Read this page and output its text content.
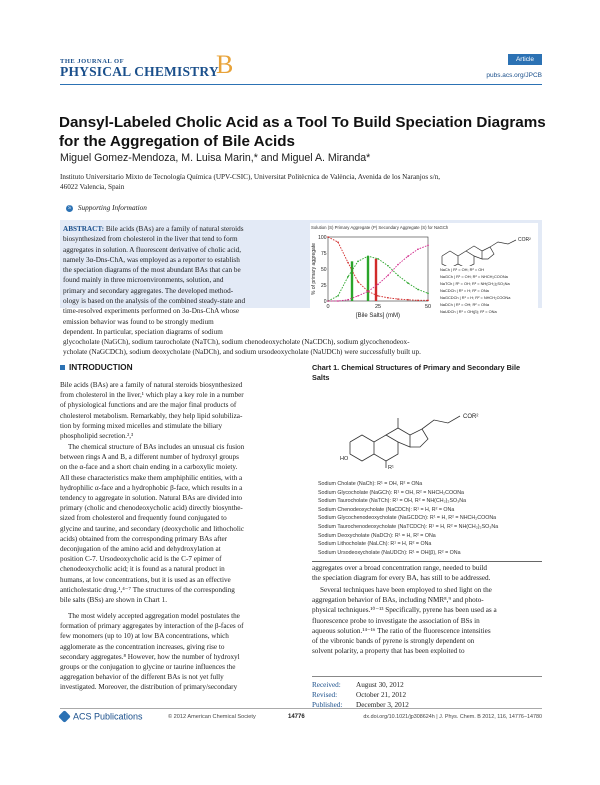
THE JOURNAL OF
PHYSICAL CHEMISTRY
B	Article
pubs.acs.org/JPCB
Dansyl-Labeled Cholic Acid as a Tool To Build Speciation Diagrams
for the Aggregation of Bile Acids
Miguel Gomez-Mendoza, M. Luisa Marin,* and Miguel A. Miranda*
Instituto Universitario Mixto de Tecnología Química (UPV-CSIC), Universitat Politècnica de València, Avenida de los Naranjos s/n,
46022 Valencia, Spain
S Supporting Information
ABSTRACT: Bile acids (BAs) are a family of natural steroids
biosynthesized from cholesterol in the liver that tend to form
aggregates in solution. A fluorescent derivative of cholic acid,
namely 3α-Dns-ChA, was employed as a reporter to establish
the speciation diagrams of the most abundant BAs that can be
found mainly in three microenvironments, solution, and
primary and secondary aggregates. The developed method-
ology is based on the analysis of the combined steady-state and
time-resolved experiments performed on 3α-Dns-ChA whose
emission behavior was found to be strongly medium
dependent. In particular, speciation diagrams of sodium
glycocholate (NaGCh), sodium taurocholate (NaTCh), sodium chenodeoxycholate (NaCDCh), sodium glycochenodeox-
ycholate (NaGCDCh), sodium deoxycholate (NaDCh), and sodium ursodeoxycholate (NaUDCh) were successfully built up.
Solution (S) Primary Aggregate (P) Secondary Aggregate (S) for NaGCh
0
25
50
75
100
0	25	50
[Bile Salts] (mM)
% of primary aggregate
COR²
NaCh | R¹ = OH; R² = OH
NaGCh | R¹ = OH; R² = NHCH₂COONa
NaTCh | R¹ = OH; R² = NH(CH₂)₂SO₃Na
NaCDCh | R¹ = H; R² = ONa
NaGCDCh | R¹ = H; R² = NHCH₂COONa
NaDCh | R¹ = OH; R² = ONa
NaUDCh | R¹ = OH(β); R² = ONa
INTRODUCTION
Bile acids (BAs) are a family of natural steroids biosynthesized
from cholesterol in the liver,¹ which play a key role in a number
of physiological functions and are the major final products of
cholesterol metabolism. Remarkably, they help lipid solubiliza-
tion by forming mixed micelles and stimulate the biliary
phospholipid secretion.²,³
The chemical structure of BAs includes an unusual cis fusion
between rings A and B, a different number of hydroxyl groups
on the α-face and a short chain ending in a carboxylic moiety.
All these characteristics make them amphiphilic entities, with a
hydrophilic α-face and a hydrophobic β-face, which results in a
tendency to aggregate in solution. Natural BAs are divided into
primary (cholic and chenodeoxycholic acid) directly biosynthe-
sized from cholesterol and frequently found conjugated to
glycine and taurine, and secondary (deoxycholic and lithocholic
acids) obtained from the corresponding primary BAs after
deconjugation of the amino acid and dehydroxylation at
position C-7. Ursodeoxycholic acid is the C-7 epimer of
chenodeoxycholic acid; it is found as a natural product in
humans, at low concentrations, but it is used as an effective
anticholestatic drug.¹,⁴⁻⁷ The structures of the corresponding
bile salts (BSs) are shown in Chart 1.
The most widely accepted aggregation model postulates the
formation of primary aggregates by interaction of the β-faces of
few monomers (up to 10) at low BA concentrations, which
agglomerate as the concentration increases, giving rise to
secondary aggregates.⁸ However, how the number of hydroxyl
groups or the conjugation to glycine or taurine influences the
aggregation behavior of the different BAs is not yet fully
investigated. Moreover, the distribution of primary/secondary
Chart 1. Chemical Structures of Primary and Secondary Bile
Salts
COR²
HO
R¹
Sodium Cholate (NaCh): R¹ = OH, R² = ONa
Sodium Glycocholate (NaGCh): R¹ = OH, R² = NHCH₂COONa
Sodium Taurocholate (NaTCh): R¹ = OH, R² = NH(CH₂)₂SO₃Na
Sodium Chenodeoxycholate (NaCDCh): R¹ = H, R² = ONa
Sodium Glycochenodeoxycholate (NaGCDCh): R¹ = H, R² = NHCH₂COONa
Sodium Taurochenodeoxycholate (NaTCDCh): R¹ = H, R² = NH(CH₂)₂SO₃Na
Sodium Deoxycholate (NaDCh): R¹ = H, R² = ONa
Sodium Lithocholate (NaLCh): R¹ = H, R² = ONa
Sodium Ursodeoxycholate (NaUDCh): R¹ = OH(β), R² = ONa
aggregates over a broad concentration range, needed to build
the speciation diagram for every BA, has still to be addressed.
Several techniques have been employed to shed light on the
aggregation behavior of BAs, including NMR⁸,⁹ and photo-
physical techniques.¹⁰⁻¹³ Specifically, pyrene has been used as a
fluorescence probe to investigate the association of BSs in
aqueous solution.¹⁴⁻¹⁶ The ratio of the fluorescence intensities
of the vibronic bands of pyrene is strongly dependent on
solvent polarity, a property that has been exploited to
Received: August 30, 2012
Revised:	October 21, 2012
Published: December 3, 2012
ACS Publications	© 2012 American Chemical Society	14776	dx.doi.org/10.1021/jp308624h | J. Phys. Chem. B 2012, 116, 14776−14780
